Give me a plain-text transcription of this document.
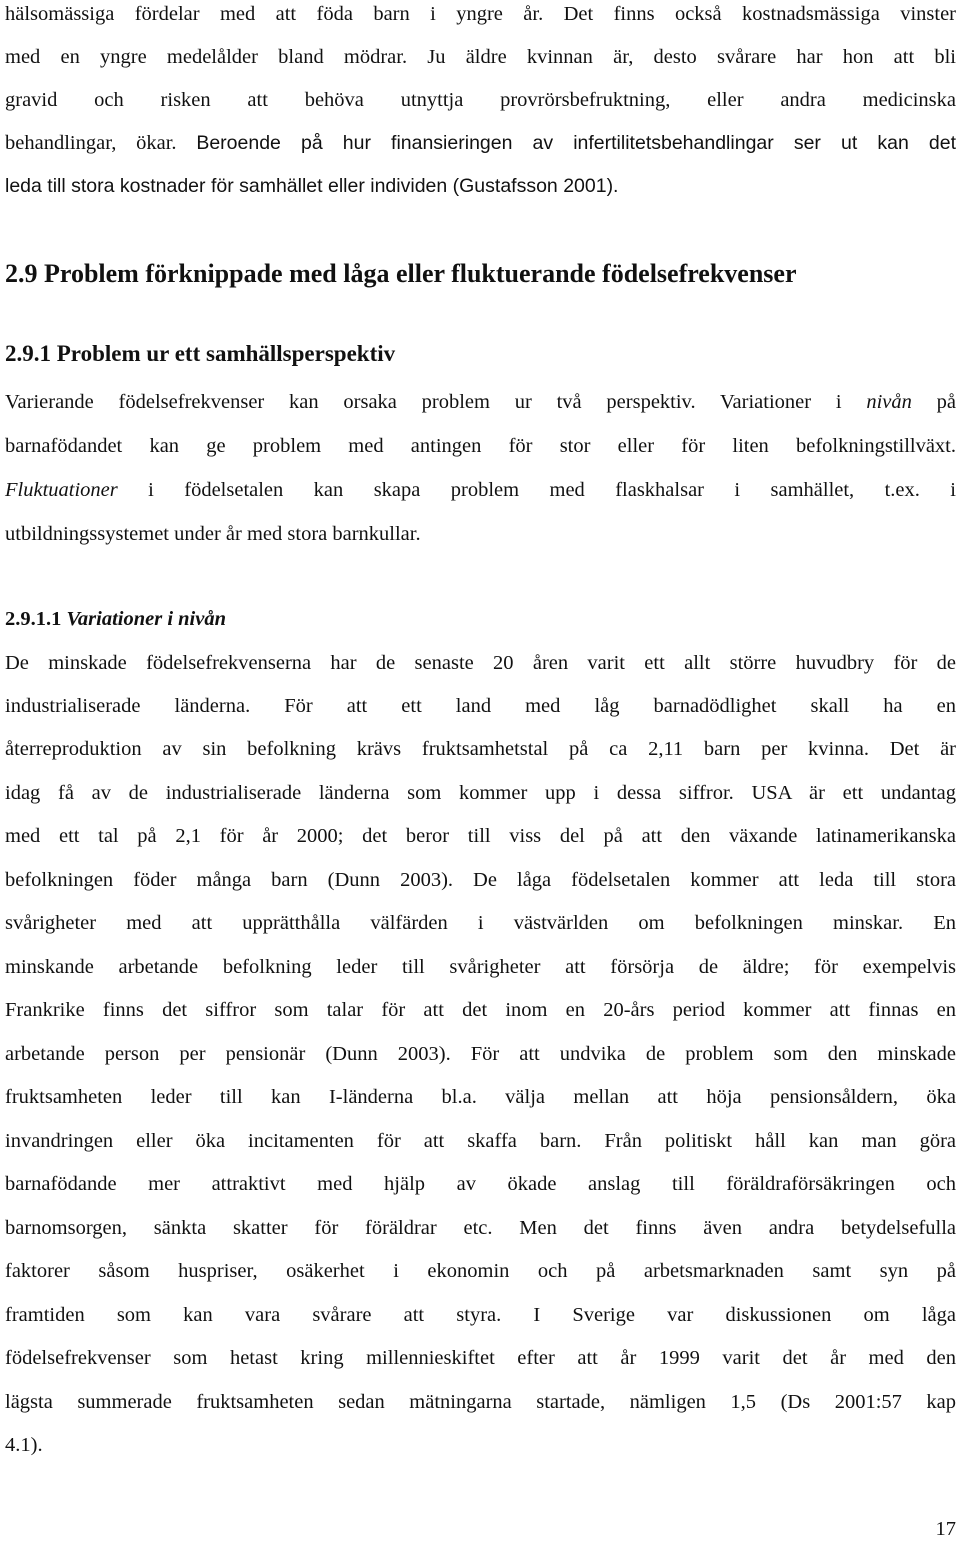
hälsomässiga fördelar med att föda barn i yngre år. Det finns också kostnadsmässiga vinster
med en yngre medelålder bland mödrar. Ju äldre kvinnan är, desto svårare har hon att bli
gravid och risken att behöva utnyttja provrörsbefruktning, eller andra medicinska
behandlingar, ökar. Beroende på hur finansieringen av infertilitetsbehandlingar ser ut kan det
leda till stora kostnader för samhället eller individen (Gustafsson 2001).
2.9 Problem förknippade med låga eller fluktuerande födelsefrekvenser
2.9.1 Problem ur ett samhällsperspektiv
Varierande födelsefrekvenser kan orsaka problem ur två perspektiv. Variationer i nivån på
barnafödandet kan ge problem med antingen för stor eller för liten befolkningstillväxt.
Fluktuationer i födelsetalen kan skapa problem med flaskhalsar i samhället, t.ex. i
utbildningssystemet under år med stora barnkullar.
2.9.1.1 Variationer i nivån
De minskade födelsefrekvenserna har de senaste 20 åren varit ett allt större huvudbry för de
industrialiserade länderna. För att ett land med låg barnadödlighet skall ha en
återreproduktion av sin befolkning krävs fruktsamhetstal på ca 2,11 barn per kvinna. Det är
idag få av de industrialiserade länderna som kommer upp i dessa siffror. USA är ett undantag
med ett tal på 2,1 för år 2000; det beror till viss del på att den växande latinamerikanska
befolkningen föder många barn (Dunn 2003). De låga födelsetalen kommer att leda till stora
svårigheter med att upprätthålla välfärden i västvärlden om befolkningen minskar. En
minskande arbetande befolkning leder till svårigheter att försörja de äldre; för exempelvis
Frankrike finns det siffror som talar för att det inom en 20-års period kommer att finnas en
arbetande person per pensionär (Dunn 2003). För att undvika de problem som den minskade
fruktsamheten leder till kan I-länderna bl.a. välja mellan att höja pensionsåldern, öka
invandringen eller öka incitamenten för att skaffa barn. Från politiskt håll kan man göra
barnafödande mer attraktivt med hjälp av ökade anslag till föräldraförsäkringen och
barnomsorgen, sänkta skatter för föräldrar etc. Men det finns även andra betydelsefulla
faktorer såsom huspriser, osäkerhet i ekonomin och på arbetsmarknaden samt syn på
framtiden som kan vara svårare att styra. I Sverige var diskussionen om låga
födelsefrekvenser som hetast kring millennieskiftet efter att år 1999 varit det år med den
lägsta summerade fruktsamheten sedan mätningarna startade, nämligen 1,5 (Ds 2001:57 kap
4.1).
17
